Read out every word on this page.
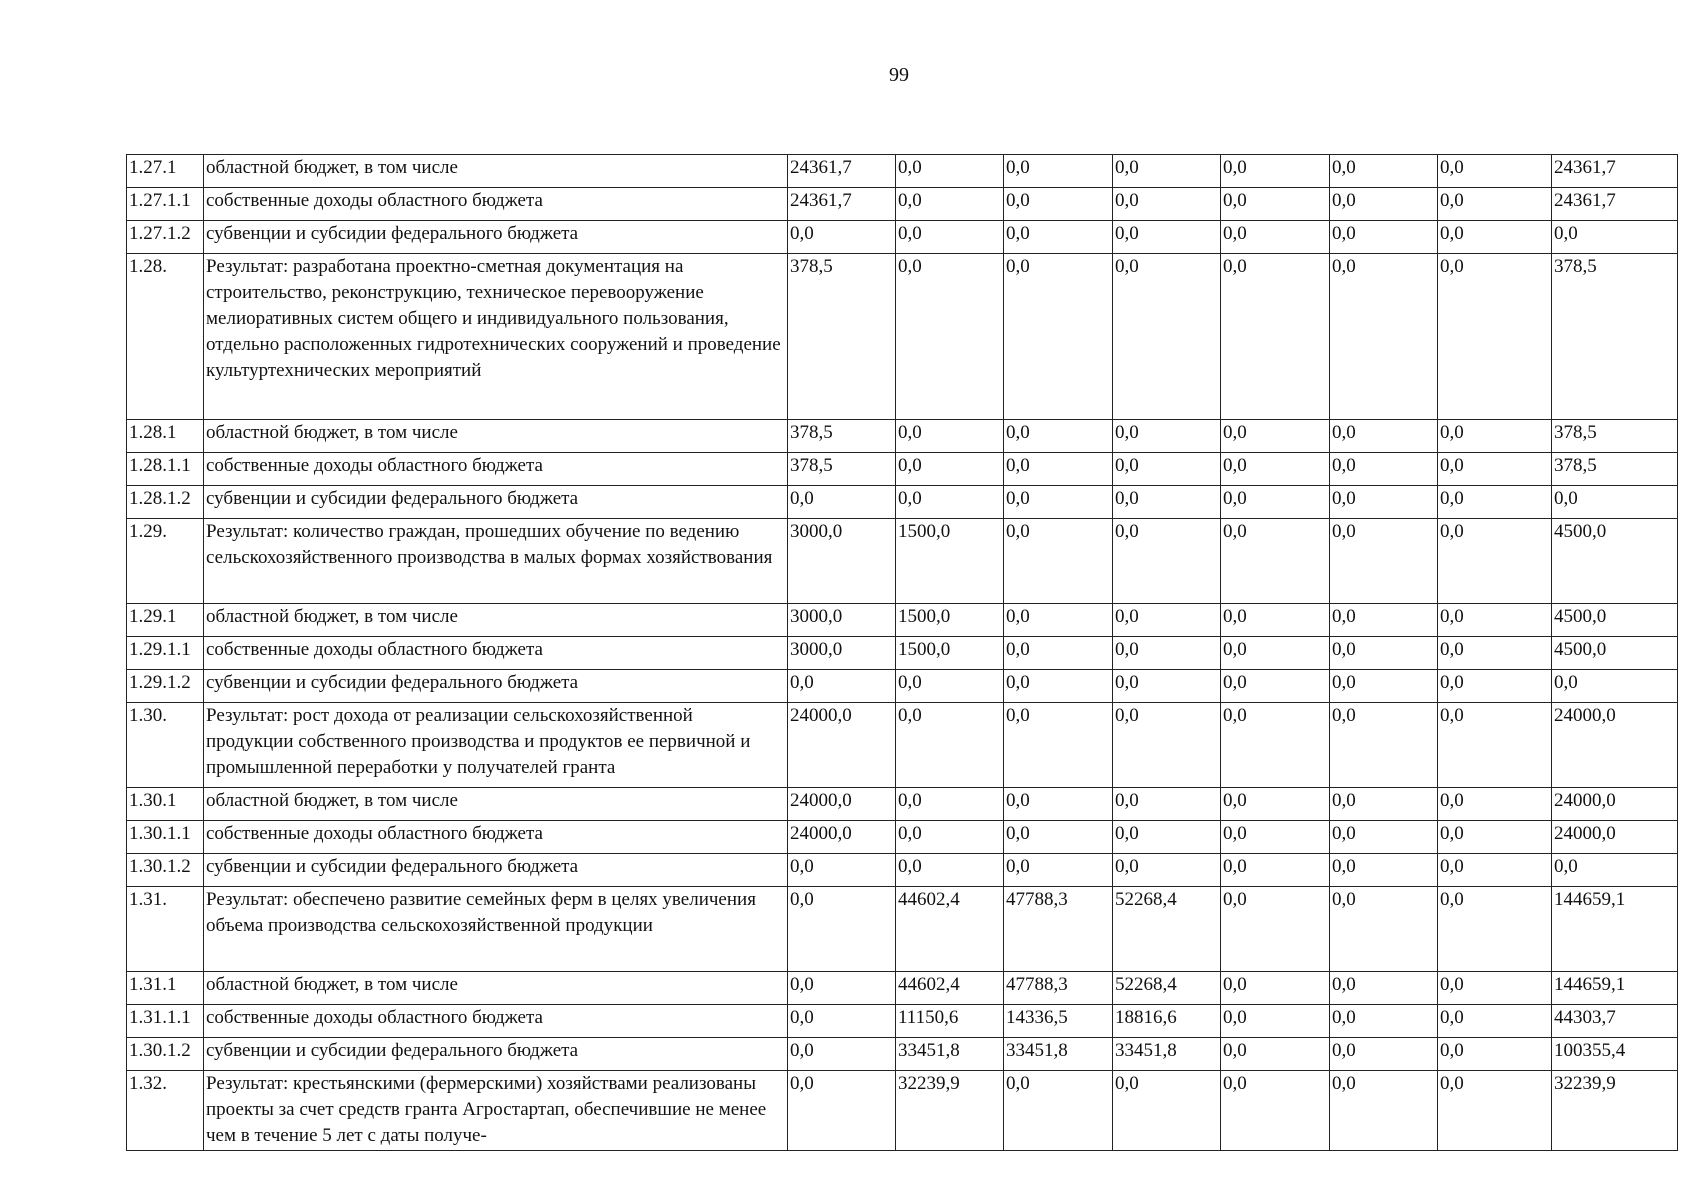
99
1.27.1	областной бюджет, в том числе	24361,7	0,0	0,0	0,0	0,0	0,0	0,0	24361,7
1.27.1.1	собственные доходы областного бюджета	24361,7	0,0	0,0	0,0	0,0	0,0	0,0	24361,7
1.27.1.2	субвенции и субсидии федерального бюджета	0,0	0,0	0,0	0,0	0,0	0,0	0,0	0,0
1.28.	Результат: разработана проектно-сметная документация на строительство, реконструкцию, техническое перевооружение мелиоративных систем общего и индивидуального пользования, отдельно расположенных гидротехнических сооружений и проведение культуртехнических мероприятий	378,5	0,0	0,0	0,0	0,0	0,0	0,0	378,5
1.28.1	областной бюджет, в том числе	378,5	0,0	0,0	0,0	0,0	0,0	0,0	378,5
1.28.1.1	собственные доходы областного бюджета	378,5	0,0	0,0	0,0	0,0	0,0	0,0	378,5
1.28.1.2	субвенции и субсидии федерального бюджета	0,0	0,0	0,0	0,0	0,0	0,0	0,0	0,0
1.29.	Результат: количество граждан, прошедших обучение по ведению сельскохозяйственного производства в малых формах хозяйствования	3000,0	1500,0	0,0	0,0	0,0	0,0	0,0	4500,0
1.29.1	областной бюджет, в том числе	3000,0	1500,0	0,0	0,0	0,0	0,0	0,0	4500,0
1.29.1.1	собственные доходы областного бюджета	3000,0	1500,0	0,0	0,0	0,0	0,0	0,0	4500,0
1.29.1.2	субвенции и субсидии федерального бюджета	0,0	0,0	0,0	0,0	0,0	0,0	0,0	0,0
1.30.	Результат: рост дохода от реализации сельскохозяйственной продукции собственного производства и продуктов ее первичной и промышленной переработки у получателей гранта	24000,0	0,0	0,0	0,0	0,0	0,0	0,0	24000,0
1.30.1	областной бюджет, в том числе	24000,0	0,0	0,0	0,0	0,0	0,0	0,0	24000,0
1.30.1.1	собственные доходы областного бюджета	24000,0	0,0	0,0	0,0	0,0	0,0	0,0	24000,0
1.30.1.2	субвенции и субсидии федерального бюджета	0,0	0,0	0,0	0,0	0,0	0,0	0,0	0,0
1.31.	Результат: обеспечено развитие семейных ферм в целях увеличения объема производства сельскохозяйственной продукции	0,0	44602,4	47788,3	52268,4	0,0	0,0	0,0	144659,1
1.31.1	областной бюджет, в том числе	0,0	44602,4	47788,3	52268,4	0,0	0,0	0,0	144659,1
1.31.1.1	собственные доходы областного бюджета	0,0	11150,6	14336,5	18816,6	0,0	0,0	0,0	44303,7
1.30.1.2	субвенции и субсидии федерального бюджета	0,0	33451,8	33451,8	33451,8	0,0	0,0	0,0	100355,4
1.32.	Результат: крестьянскими (фермерскими) хозяйствами реализованы проекты за счет средств гранта Агростартап, обеспечившие не менее чем в течение 5 лет с даты получе-	0,0	32239,9	0,0	0,0	0,0	0,0	0,0	32239,9
